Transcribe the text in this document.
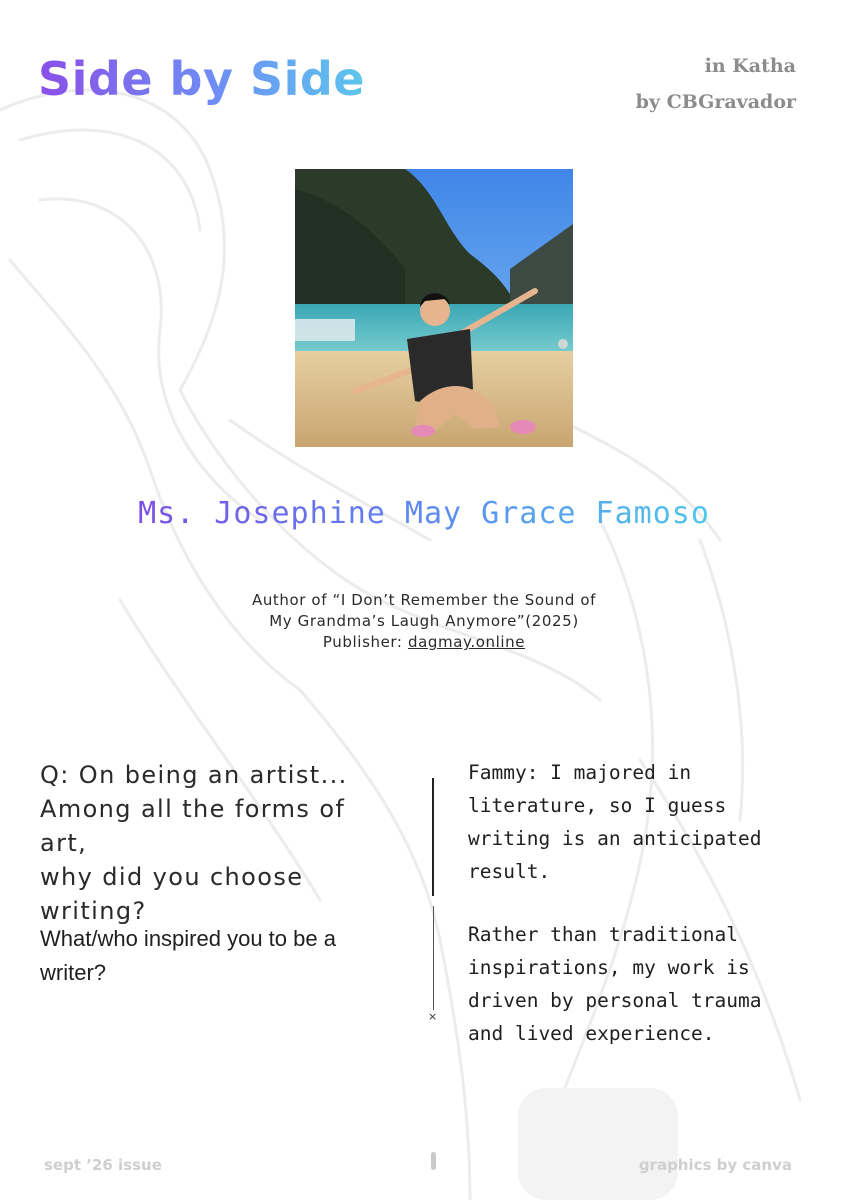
Side by Side	in Katha
by CBGravador
Ms. Josephine May Grace Famoso
Author of “I Don’t Remember the Sound of
My Grandma’s Laugh Anymore”(2025)
Publisher: dagmay.online
Q: On being an artist...
Among all the forms of art,
why did you choose
writing?
What/who inspired you to be a
writer?
×
Fammy: I majored in
literature, so I guess
writing is an anticipated
result.
Rather than traditional
inspirations, my work is
driven by personal trauma
and lived experience.
sept ’26 issue	graphics by canva
